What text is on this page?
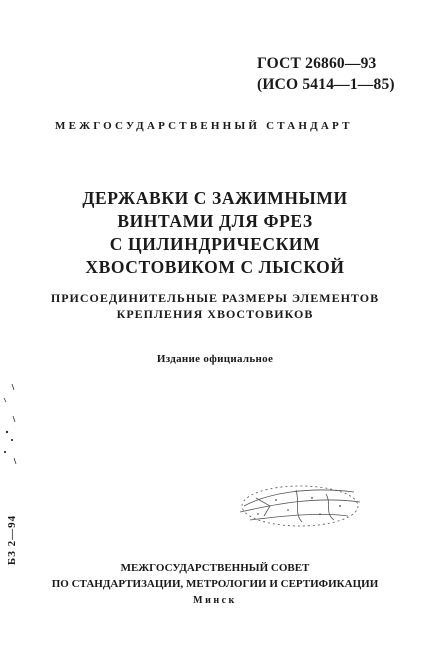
ГОСТ 26860—93
(ИСО 5414—1—85)
МЕЖГОСУДАРСТВЕННЫЙ СТАНДАРТ
ДЕРЖАВКИ С ЗАЖИМНЫМИ
ВИНТАМИ ДЛЯ ФРЕЗ
С ЦИЛИНДРИЧЕСКИМ
ХВОСТОВИКОМ С ЛЫСКОЙ
ПРИСОЕДИНИТЕЛЬНЫЕ РАЗМЕРЫ ЭЛЕМЕНТОВ
КРЕПЛЕНИЯ ХВОСТОВИКОВ
Издание официальное
БЗ 2—94
МЕЖГОСУДАРСТВЕННЫЙ СОВЕТ
ПО СТАНДАРТИЗАЦИИ, МЕТРОЛОГИИ И СЕРТИФИКАЦИИ
Минск
